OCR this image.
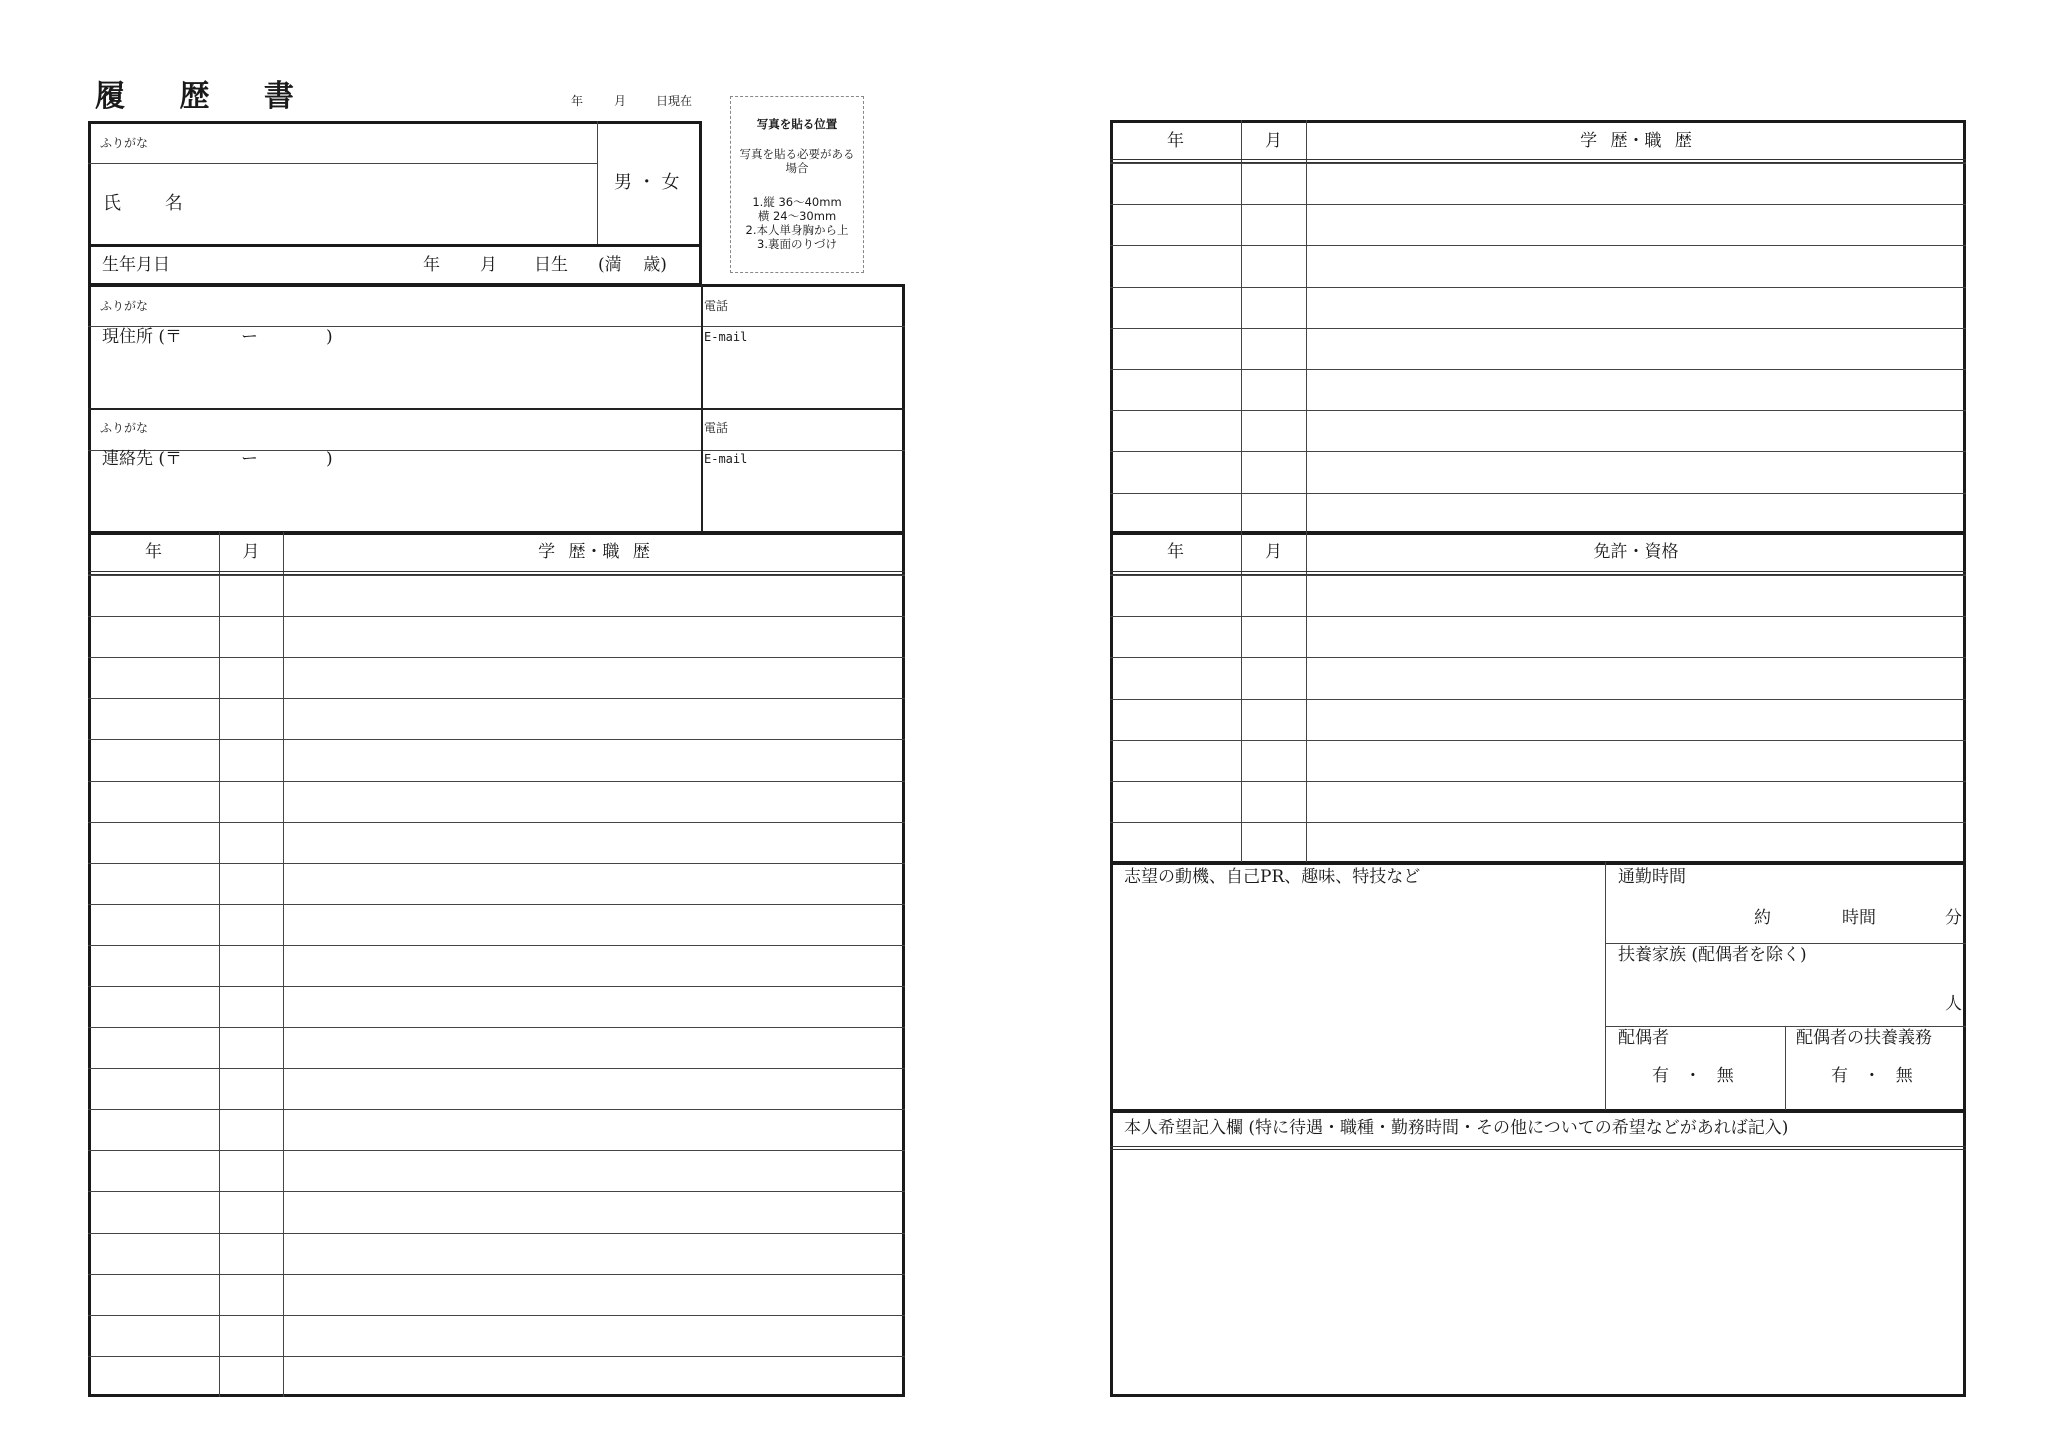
履 歴 書	年	月 日現在
写真を貼る位置
写真を貼る必要がある場合
1.縦 36〜40mm
横 24〜30mm
2.本人単身胸から上
3.裏面のりづけ
ふりがな
氏 名
男 ・ 女
生年月日	年 月 日生 (満    歳)
ふりがな
現住所 (〒	ー	)
電話
E-mail
ふりがな
連絡先 (〒	ー	)
電話
E-mail
年	月	学 歴・職 歴
年	月	学 歴・職 歴
年	月	免許・資格
志望の動機、自己PR、趣味、特技など	通勤時間
約	時間	分
扶養家族 (配偶者を除く)
人
配偶者
有 ・ 無
配偶者の扶養義務
有 ・ 無
本人希望記入欄 (特に待遇・職種・勤務時間・その他についての希望などがあれば記入)
